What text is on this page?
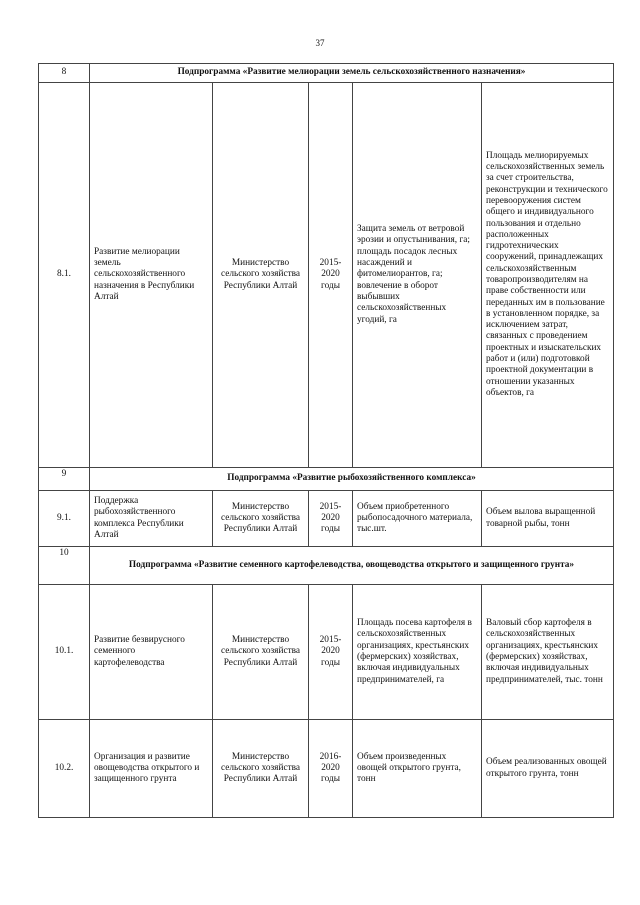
37
8	Подпрограмма «Развитие мелиорации земель сельскохозяйственного назначения»				
8.1.	Развитие мелиорации земель сельскохозяйственного назначения в Республики Алтай	Министерство сельского хозяйства Республики Алтай	2015-2020 годы	Защита земель от ветровой эрозии и опустынивания, га; площадь посадок лесных насаждений и фитомелиорантов, га; вовлечение в оборот выбывших сельскохозяйственных угодий, га	Площадь мелиорируемых сельскохозяйственных земель за счет строительства, реконструкции и технического перевооружения систем общего и индивидуального пользования и отдельно расположенных гидротехнических сооружений, принадлежащих сельскохозяйственным товаропроизводителям на праве собственности или переданных им в пользование в установленном порядке, за исключением затрат, связанных с проведением проектных и изыскательских работ и (или) подготовкой проектной документации в отношении указанных объектов, га
9	Подпрограмма «Развитие рыбохозяйственного комплекса»				
9.1.	Поддержка рыбохозяйственного комплекса Республики Алтай	Министерство сельского хозяйства Республики Алтай	2015-2020 годы	Объем приобретенного рыбопосадочного материала, тыс.шт.	Объем вылова выращенной товарной рыбы, тонн
10	Подпрограмма «Развитие семенного картофелеводства, овощеводства открытого и защищенного грунта»				
10.1.	Развитие безвирусного семенного картофелеводства	Министерство сельского хозяйства Республики Алтай	2015-2020 годы	Площадь посева картофеля в сельскохозяйственных организациях, крестьянских (фермерских) хозяйствах, включая индивидуальных предпринимателей, га	Валовый сбор картофеля в сельскохозяйственных организациях, крестьянских (фермерских) хозяйствах, включая индивидуальных предпринимателей, тыс. тонн
10.2.	Организация и развитие овощеводства открытого и защищенного грунта	Министерство сельского хозяйства Республики Алтай	2016-2020 годы	Объем произведенных овощей открытого грунта, тонн	Объем реализованных овощей открытого грунта, тонн
